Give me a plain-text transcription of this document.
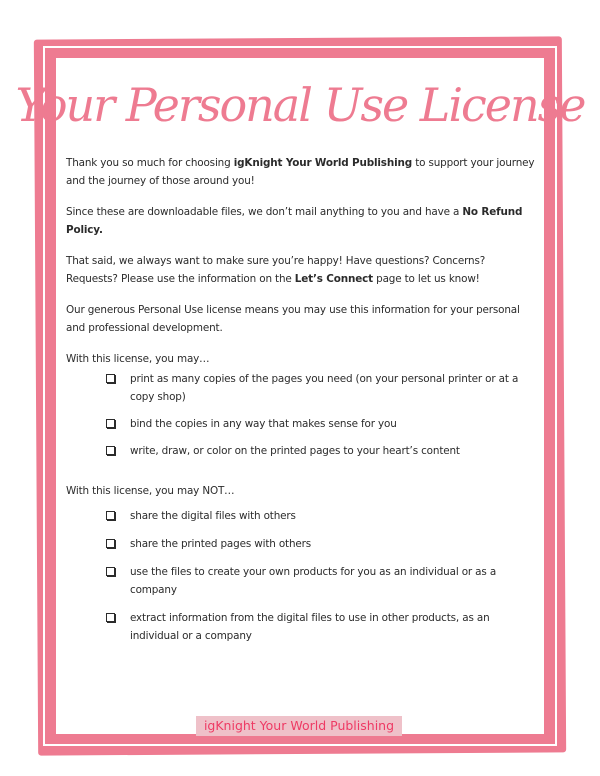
Your Personal Use License

Thank you so much for choosing igKnight Your World Publishing to support your journey and the journey of those around you!

Since these are downloadable files, we don’t mail anything to you and have a No Refund Policy.

That said, we always want to make sure you’re happy! Have questions? Concerns? Requests? Please use the information on the Let’s Connect page to let us know!

Our generous Personal Use license means you may use this information for your personal and professional development.

With this license, you may…
print as many copies of the pages you need (on your personal printer or at a copy shop)
bind the copies in any way that makes sense for you
write, draw, or color on the printed pages to your heart’s content
With this license, you may NOT…
share the digital files with others
share the printed pages with others
use the files to create your own products for you as an individual or as a company
extract information from the digital files to use in other products, as an individual or a company
igKnight Your World Publishing
